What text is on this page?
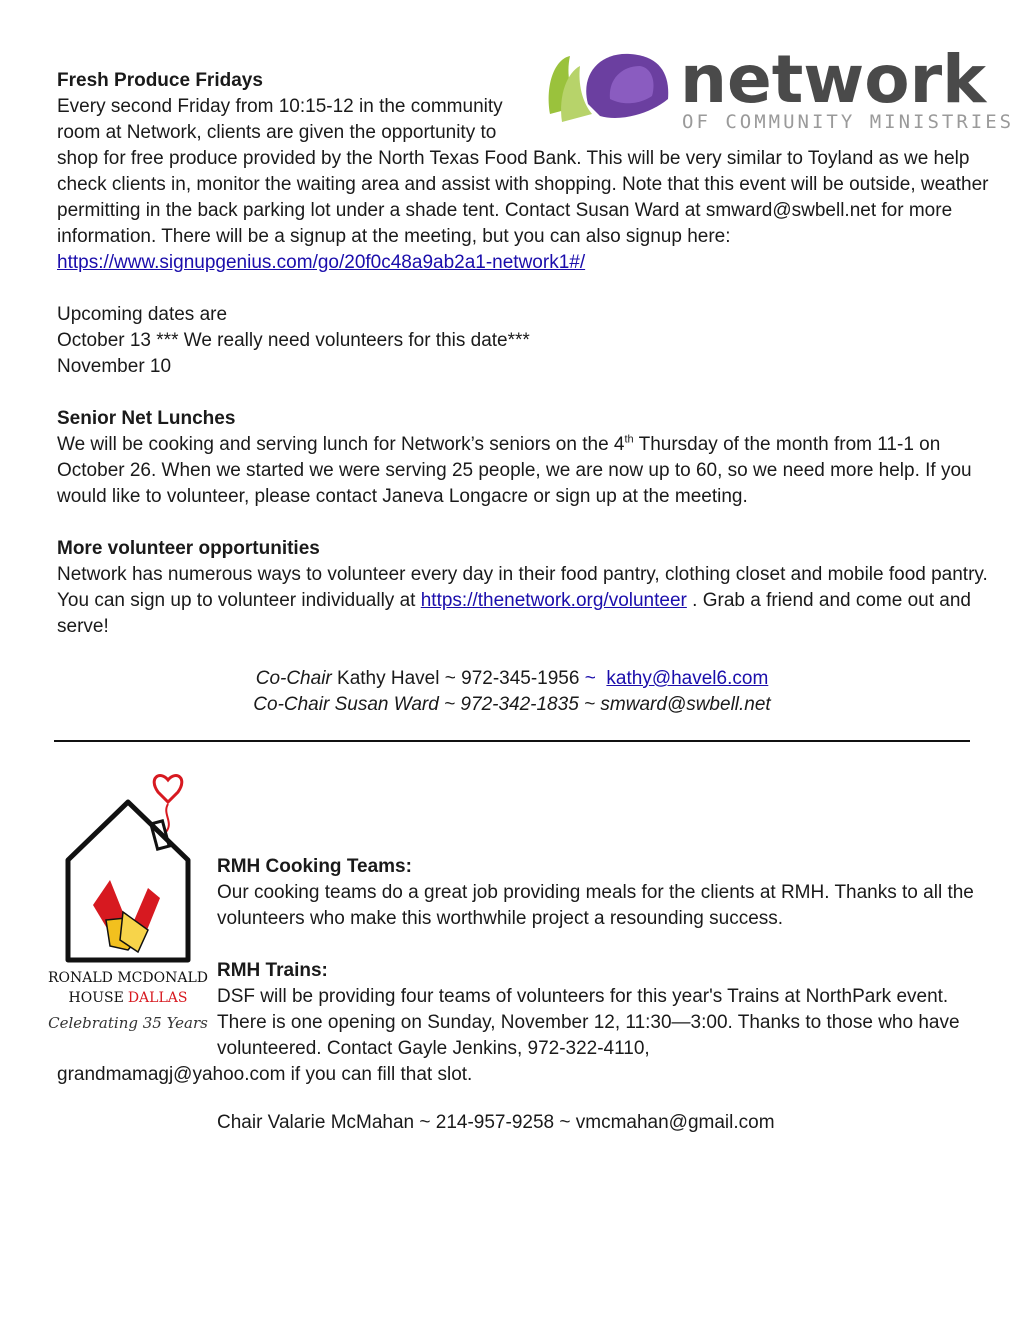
network
OF COMMUNITY MINISTRIES
Fresh Produce Fridays
Every second Friday from 10:15-12 in the community
room at Network, clients are given the opportunity to
shop for free produce provided by the North Texas Food Bank. This will be very similar to Toyland as we help check clients in, monitor the waiting area and assist with shopping. Note that this event will be outside, weather permitting in the back parking lot under a shade tent. Contact Susan Ward at smward@swbell.net for more information. There will be a signup at the meeting, but you can also signup here: https://www.signupgenius.com/go/20f0c48a9ab2a1-network1#/
Upcoming dates are
October 13 *** We really need volunteers for this date***
November 10
Senior Net Lunches
We will be cooking and serving lunch for Network’s seniors on the 4th Thursday of the month from 11-1 on October 26. When we started we were serving 25 people, we are now up to 60, so we need more help. If you would like to volunteer, please contact Janeva Longacre or sign up at the meeting.
More volunteer opportunities
Network has numerous ways to volunteer every day in their food pantry, clothing closet and mobile food pantry. You can sign up to volunteer individually at https://thenetwork.org/volunteer . Grab a friend and come out and serve!
Co-Chair Kathy Havel ~ 972-345-1956 ~ kathy@havel6.com
Co-Chair Susan Ward ~ 972-342-1835 ~ smward@swbell.net
RONALD MCDONALD
HOUSE DALLAS
Celebrating 35 Years
RMH Cooking Teams:
Our cooking teams do a great job providing meals for the clients at RMH. Thanks to all the volunteers who make this worthwhile project a resounding success.
RMH Trains:
DSF will be providing four teams of volunteers for this year's Trains at NorthPark event. There is one opening on Sunday, November 12, 11:30—3:00. Thanks to those who have volunteered. Contact Gayle Jenkins, 972-322-4110,
grandmamagj@yahoo.com if you can fill that slot.
Chair Valarie McMahan ~ 214-957-9258 ~ vmcmahan@gmail.com
